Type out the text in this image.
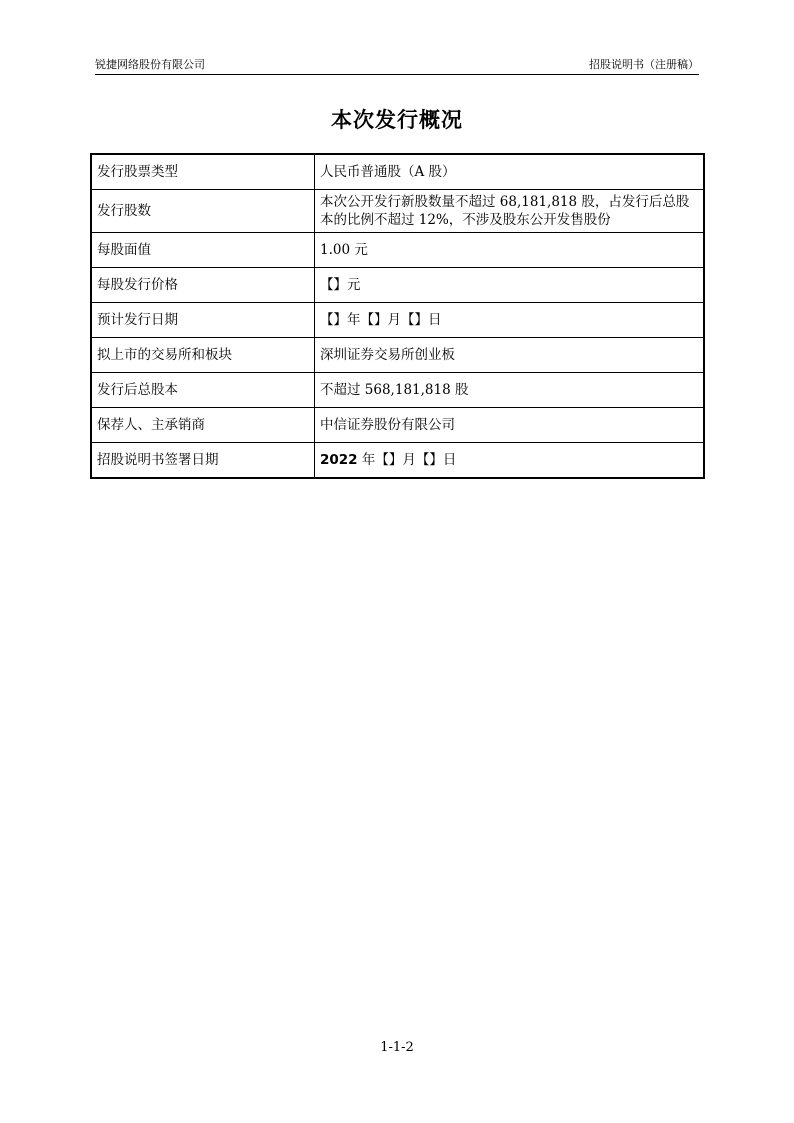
锐捷网络股份有限公司	招股说明书（注册稿）
本次发行概况
发行股票类型	人民币普通股（A 股）
发行股数	本次公开发行新股数量不超过 68,181,818 股，占发行后总股本的比例不超过 12%，不涉及股东公开发售股份
每股面值	1.00 元
每股发行价格	【】元
预计发行日期	【】年【】月【】日
拟上市的交易所和板块	深圳证券交易所创业板
发行后总股本	不超过 568,181,818 股
保荐人、主承销商	中信证券股份有限公司
招股说明书签署日期	2022 年【】月【】日
1-1-2
